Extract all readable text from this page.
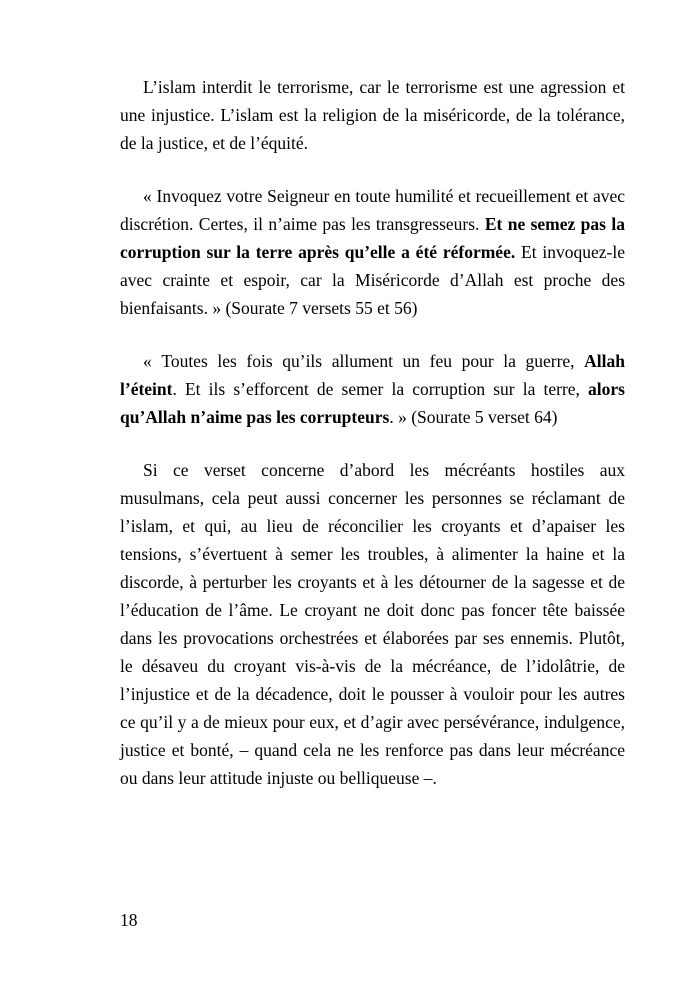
L’islam interdit le terrorisme, car le terrorisme est une agression et une injustice. L’islam est la religion de la miséricorde, de la tolérance, de la justice, et de l’équité.

« Invoquez votre Seigneur en toute humilité et recueillement et avec discrétion. Certes, il n’aime pas les transgresseurs. Et ne semez pas la corruption sur la terre après qu’elle a été réformée. Et invoquez-le avec crainte et espoir, car la Miséricorde d’Allah est proche des bienfaisants. » (Sourate 7 versets 55 et 56)

« Toutes les fois qu’ils allument un feu pour la guerre, Allah l’éteint. Et ils s’efforcent de semer la corruption sur la terre, alors qu’Allah n’aime pas les corrupteurs. » (Sourate 5 verset 64)

Si ce verset concerne d’abord les mécréants hostiles aux musulmans, cela peut aussi concerner les personnes se réclamant de l’islam, et qui, au lieu de réconcilier les croyants et d’apaiser les tensions, s’évertuent à semer les troubles, à alimenter la haine et la discorde, à perturber les croyants et à les détourner de la sagesse et de l’éducation de l’âme. Le croyant ne doit donc pas foncer tête baissée dans les provocations orchestrées et élaborées par ses ennemis. Plutôt, le désaveu du croyant vis-à-vis de la mécréance, de l’idolâtrie, de l’injustice et de la décadence, doit le pousser à vouloir pour les autres ce qu’il y a de mieux pour eux, et d’agir avec persévérance, indulgence, justice et bonté, – quand cela ne les renforce pas dans leur mécréance ou dans leur attitude injuste ou belliqueuse –.

18
